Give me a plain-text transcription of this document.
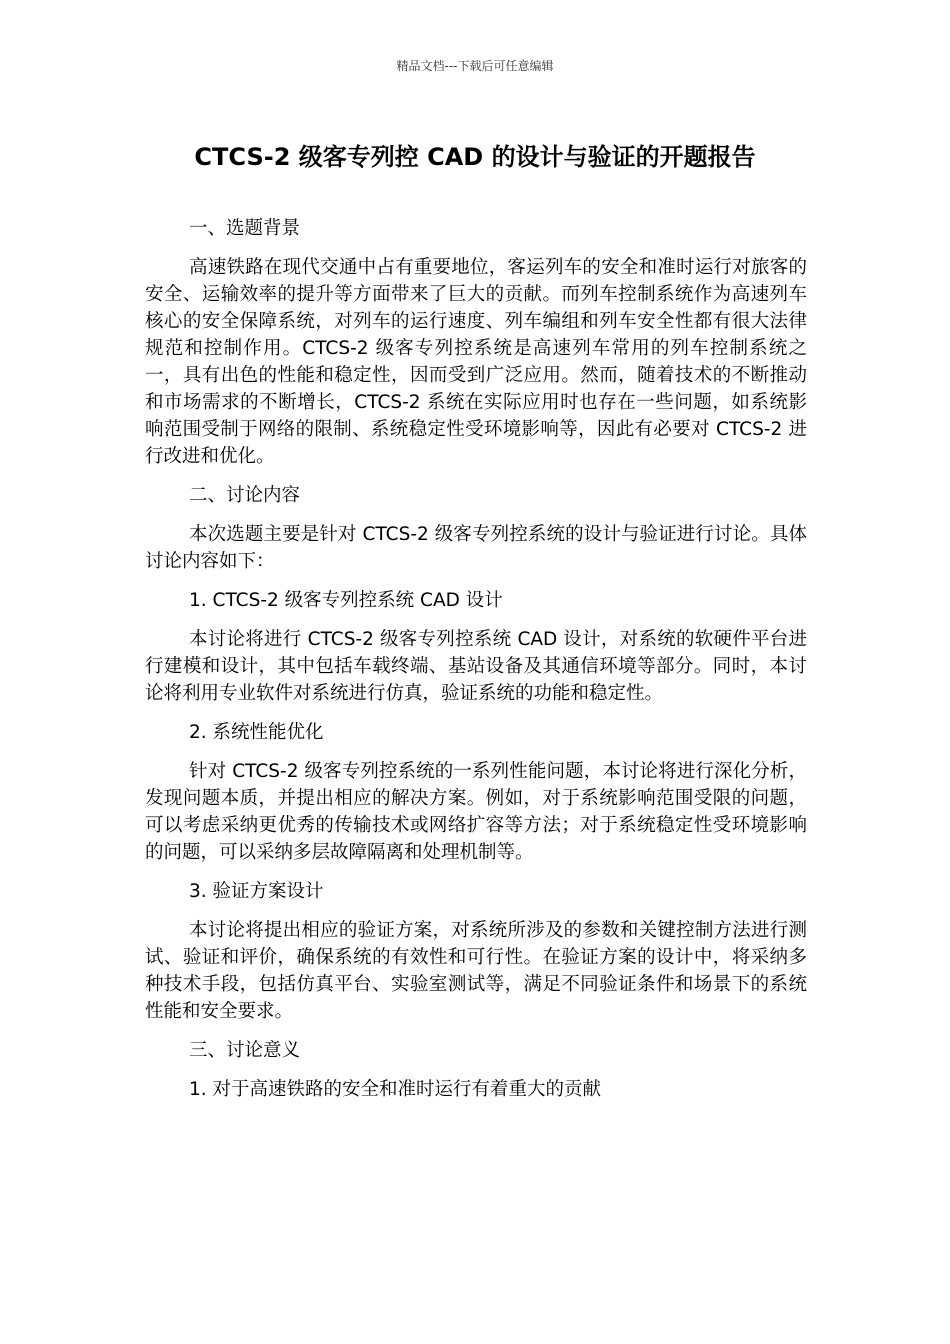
精品文档---下载后可任意编辑
CTCS-2 级客专列控 CAD 的设计与验证的开题报告

一、选题背景

高速铁路在现代交通中占有重要地位，客运列车的安全和准时运行对旅客的安全、运输效率的提升等方面带来了巨大的贡献。而列车控制系统作为高速列车核心的安全保障系统，对列车的运行速度、列车编组和列车安全性都有很大法律规范和控制作用。CTCS-2 级客专列控系统是高速列车常用的列车控制系统之一，具有出色的性能和稳定性，因而受到广泛应用。然而，随着技术的不断推动和市场需求的不断增长，CTCS-2 系统在实际应用时也存在一些问题，如系统影响范围受制于网络的限制、系统稳定性受环境影响等，因此有必要对 CTCS-2 进行改进和优化。

二、讨论内容

本次选题主要是针对 CTCS-2 级客专列控系统的设计与验证进行讨论。具体讨论内容如下：

1. CTCS-2 级客专列控系统 CAD 设计

本讨论将进行 CTCS-2 级客专列控系统 CAD 设计，对系统的软硬件平台进行建模和设计，其中包括车载终端、基站设备及其通信环境等部分。同时，本讨论将利用专业软件对系统进行仿真，验证系统的功能和稳定性。

2. 系统性能优化

针对 CTCS-2 级客专列控系统的一系列性能问题，本讨论将进行深化分析，发现问题本质，并提出相应的解决方案。例如，对于系统影响范围受限的问题，可以考虑采纳更优秀的传输技术或网络扩容等方法；对于系统稳定性受环境影响的问题，可以采纳多层故障隔离和处理机制等。

3. 验证方案设计

本讨论将提出相应的验证方案，对系统所涉及的参数和关键控制方法进行测试、验证和评价，确保系统的有效性和可行性。在验证方案的设计中，将采纳多种技术手段，包括仿真平台、实验室测试等，满足不同验证条件和场景下的系统性能和安全要求。

三、讨论意义

1. 对于高速铁路的安全和准时运行有着重大的贡献
